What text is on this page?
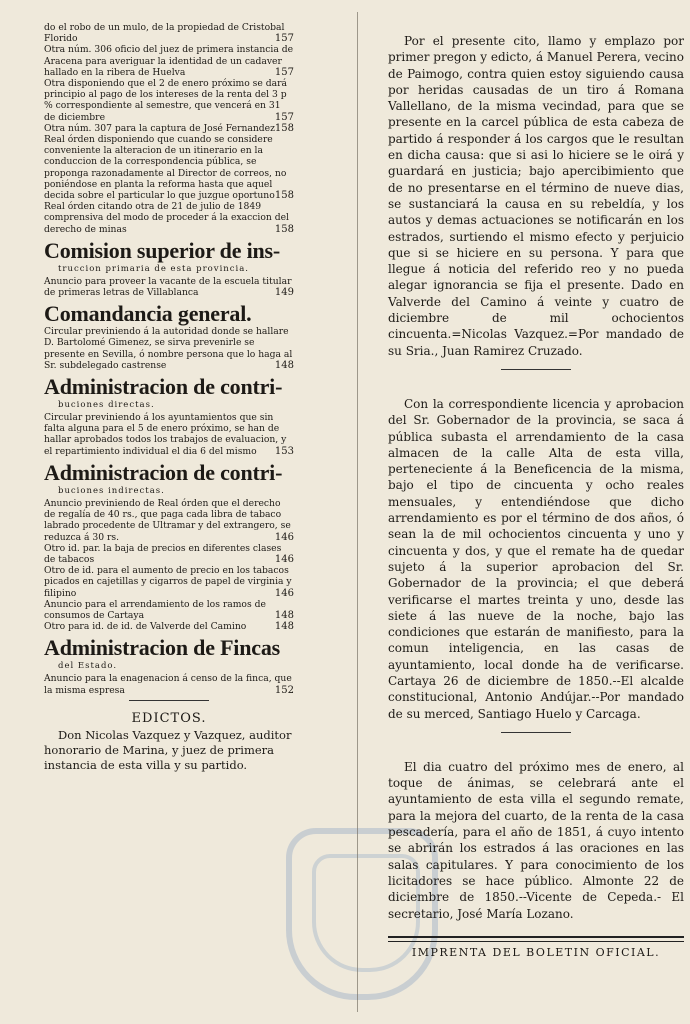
do el robo de un mulo, de la propiedad de Cristobal Florido	157

Otra núm. 306 oficio del juez de primera instancia de Aracena para averiguar la identidad de un cadaver hallado en la ribera de Huelva	157

Otra disponiendo que el 2 de enero próximo se dará principio al pago de los intereses de la renta del 3 p % correspondiente al semestre, que vencerá en 31 de diciembre	157

Otra núm. 307 para la captura de José Fernandez 158

Real órden disponiendo que cuando se considere conveniente la alteracion de un itinerario en la conduccion de la correspondencia pública, se proponga razonadamente al Director de correos, no poniéndose en planta la reforma hasta que aquel decida sobre el particular lo que juzgue oportuno 158

Real órden citando otra de 21 de julio de 1849 comprensiva del modo de proceder á la exaccion del derecho de minas	158

Comision superior de ins-
truccion primaria de esta provincia.

Anuncio para proveer la vacante de la escuela titular de primeras letras de Villablanca	149

Comandancia general.

Circular previniendo á la autoridad donde se hallare D. Bartolomé Gimenez, se sirva prevenirle se presente en Sevilla, ó nombre persona que lo haga al Sr. subdelegado castrense	148

Administracion de contri-
buciones directas.

Circular previniendo á los ayuntamientos que sin falta alguna para el 5 de enero próximo, se han de hallar aprobados todos los trabajos de evaluacion, y el repartimiento individual el dia 6 del mismo 153

Administracion de contri-
buciones indirectas.

Anuncio previniendo de Real órden que el derecho de regalía de 40 rs., que paga cada libra de tabaco labrado procedente de Ultramar y del extrangero, se reduzca á 30 rs.	146

Otro id. par. la baja de precios en diferentes clases de tabacos	146

Otro de id. para el aumento de precio en los tabacos picados en cajetillas y cigarros de papel de virginia y filipino	146

Anuncio para el arrendamiento de los ramos de consumos de Cartaya	148

Otro para id. de id. de Valverde del Camino	148

Administracion de Fincas
del Estado.

Anuncio para la enagenacion á censo de la finca, que la misma espresa	152

EDICTOS.

Don Nicolas Vazquez y Vazquez, auditor honorario de Marina, y juez de primera instancia de esta villa y su partido.

Por el presente cito, llamo y emplazo por primer pregon y edicto, á Manuel Perera, vecino de Paimogo, contra quien estoy siguiendo causa por heridas causadas de un tiro á Romana Vallellano, de la misma vecindad, para que se presente en la carcel pública de esta cabeza de partido á responder á los cargos que le resultan en dicha causa: que si asi lo hiciere se le oirá y guardará en justicia; bajo apercibimiento que de no presentarse en el término de nueve dias, se sustanciará la causa en su rebeldía, y los autos y demas actuaciones se notificarán en los estrados, surtiendo el mismo efecto y perjuicio que si se hiciere en su persona. Y para que llegue á noticia del referido reo y no pueda alegar ignorancia se fija el presente. Dado en Valverde del Camino á veinte y cuatro de diciembre de mil ochocientos cincuenta.=Nicolas Vazquez.=Por mandado de su Sria., Juan Ramirez Cruzado.

Con la correspondiente licencia y aprobacion del Sr. Gobernador de la provincia, se saca á pública subasta el arrendamiento de la casa almacen de la calle Alta de esta villa, perteneciente á la Beneficencia de la misma, bajo el tipo de cincuenta y ocho reales mensuales, y entendiéndose que dicho arrendamiento es por el término de dos años, ó sean la de mil ochocientos cincuenta y uno y cincuenta y dos, y que el remate ha de quedar sujeto á la superior aprobacion del Sr. Gobernador de la provincia; el que deberá verificarse el martes treinta y uno, desde las siete á las nueve de la noche, bajo las condiciones que estarán de manifiesto, para la comun inteligencia, en las casas de ayuntamiento, local donde ha de verificarse. Cartaya 26 de diciembre de 1850.--El alcalde constitucional, Antonio Andújar.--Por mandado de su merced, Santiago Huelo y Carcaga.

El dia cuatro del próximo mes de enero, al toque de ánimas, se celebrará ante el ayuntamiento de esta villa el segundo remate, para la mejora del cuarto, de la renta de la casa pescadería, para el año de 1851, á cuyo intento se abrirán los estrados á las oraciones en las salas capitulares. Y para conocimiento de los licitadores se hace público. Almonte 22 de diciembre de 1850.--Vicente de Cepeda.- El secretario, José María Lozano.

IMPRENTA DEL BOLETIN OFICIAL.
